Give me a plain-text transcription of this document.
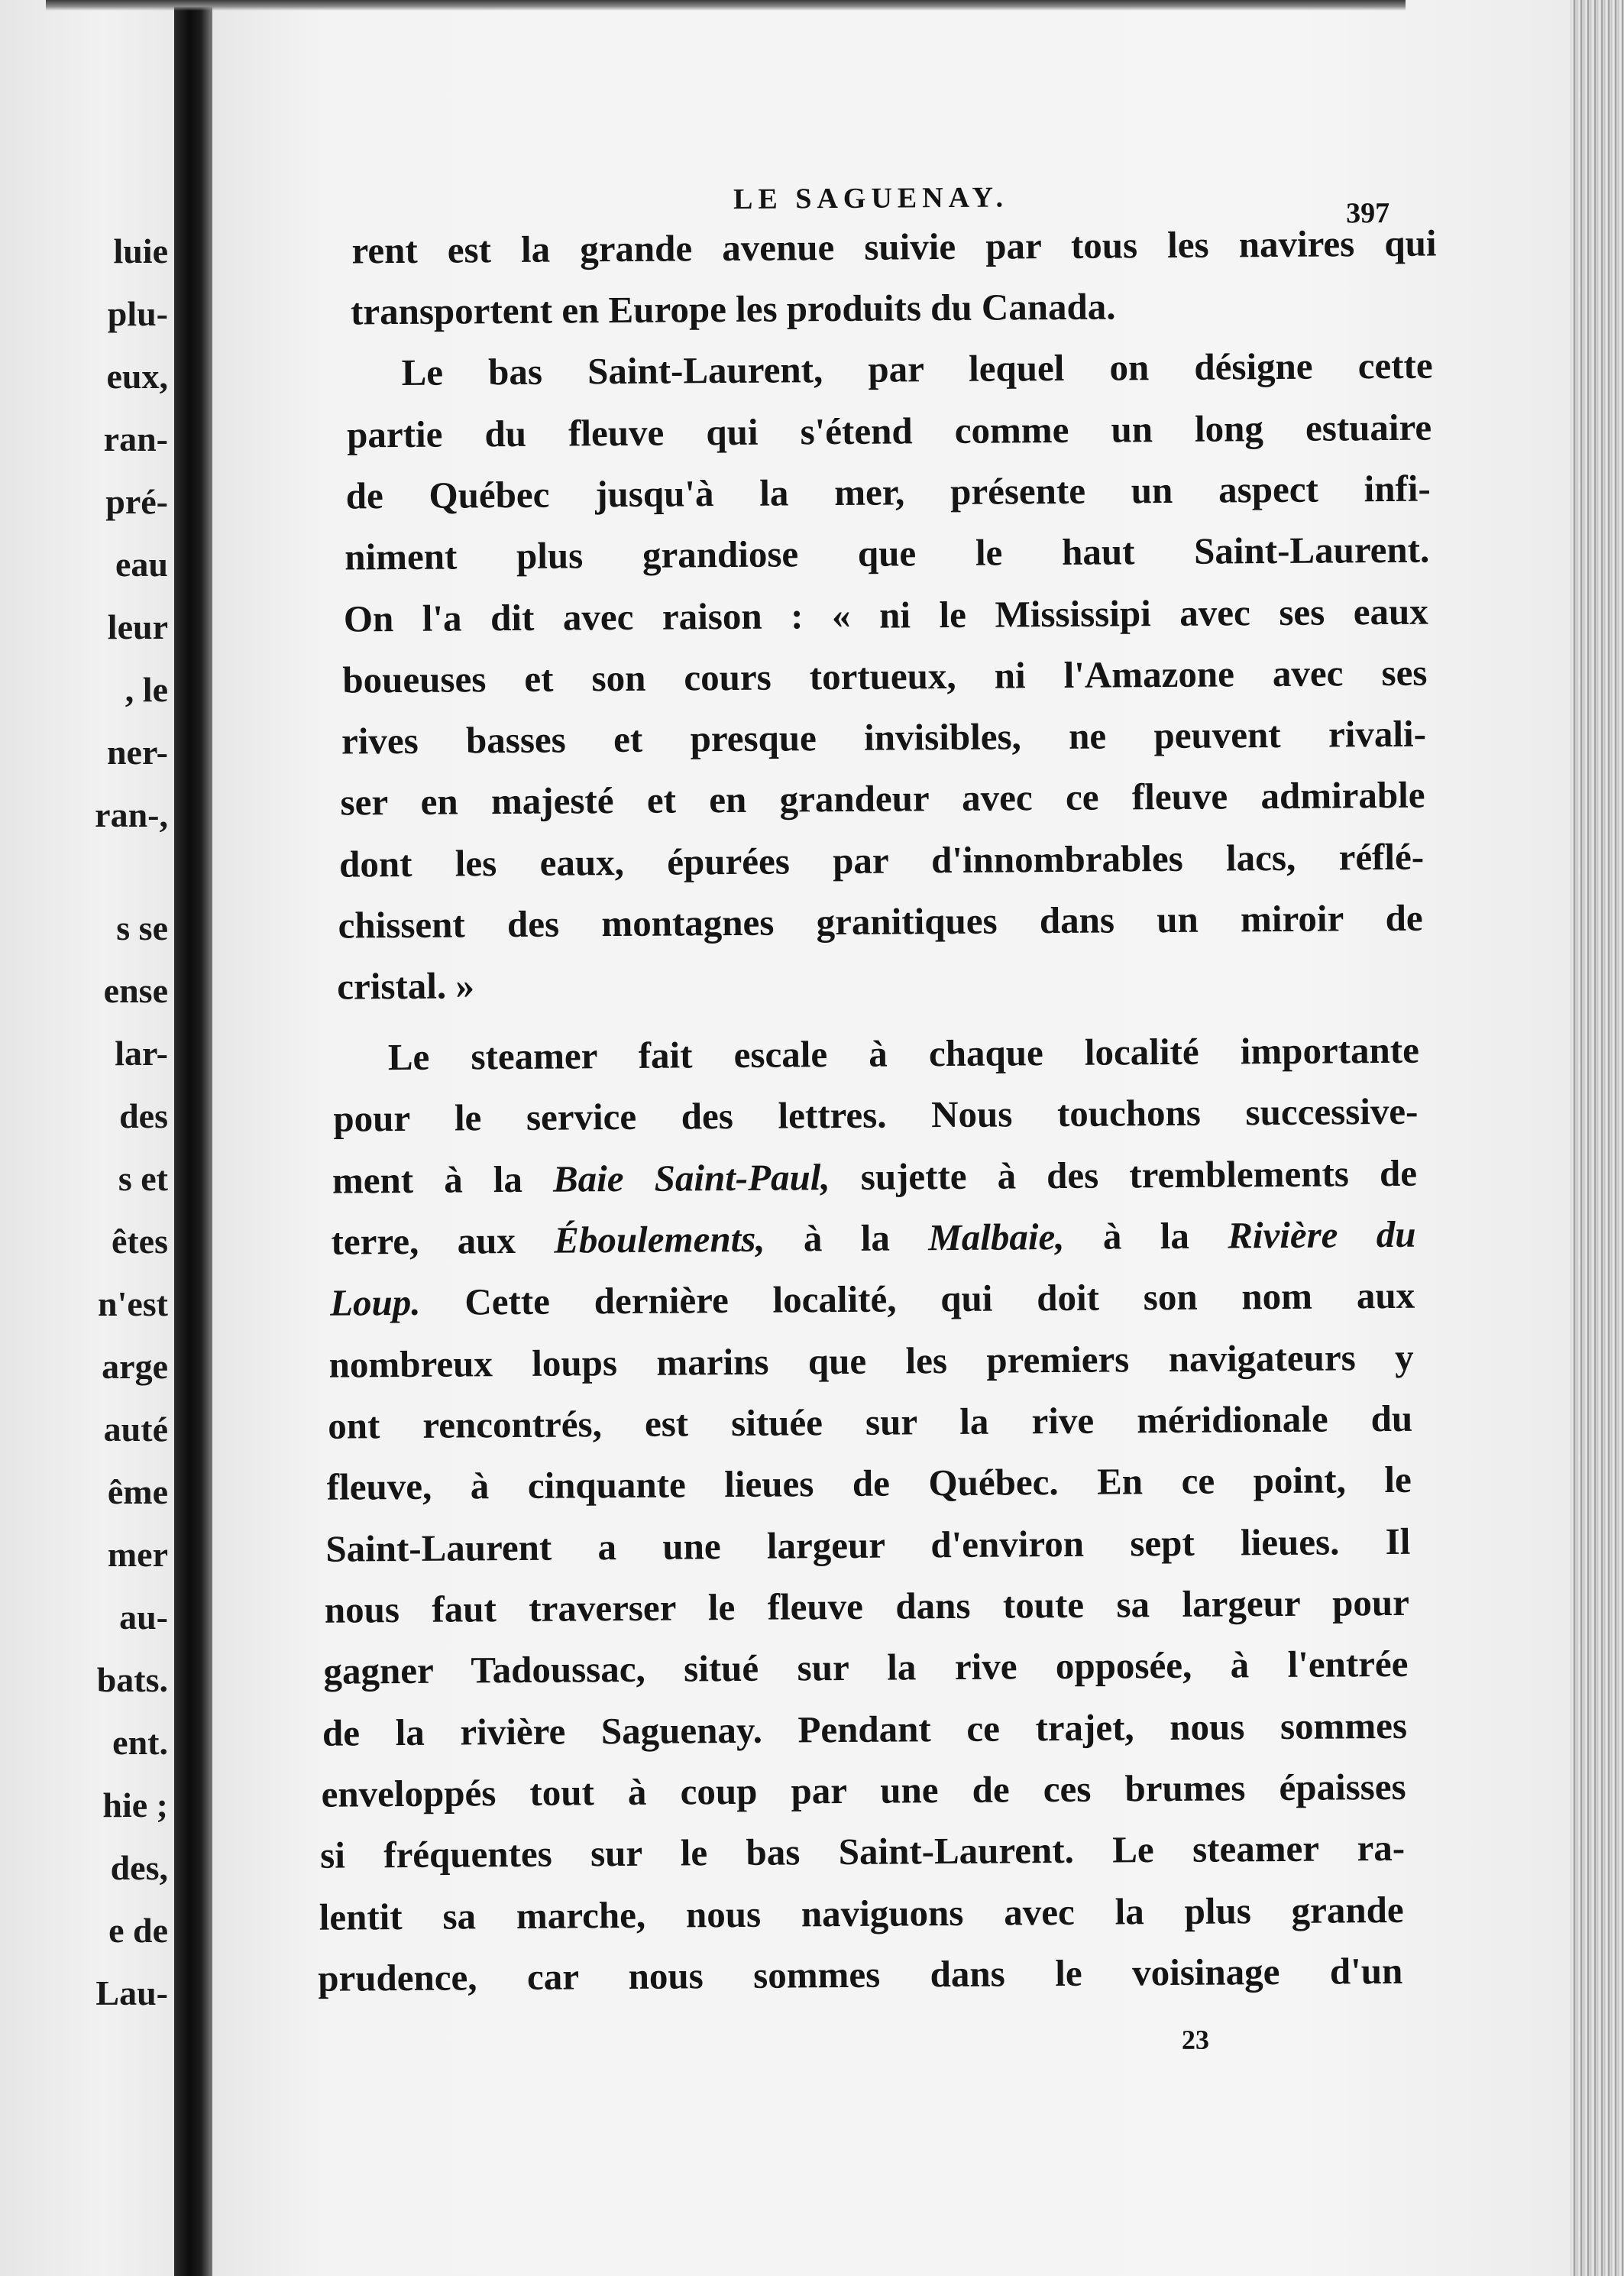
luie
plu-
eux,
ran-
pré-
eau
leur
, le
ner-
ran-,
s se
ense
lar-
des
s et
êtes
n'est
arge
auté
ême
mer
au-
bats.
ent.
hie ;
des,
e de
Lau-
LE SAGUENAY.	397
rent est la grande avenue suivie par tous les navires qui
transportent en Europe les produits du Canada.
Le bas Saint-Laurent, par lequel on désigne cette
partie du fleuve qui s'étend comme un long estuaire
de Québec jusqu'à la mer, présente un aspect infi-
niment plus grandiose que le haut Saint-Laurent.
On l'a dit avec raison : « ni le Mississipi avec ses eaux
boueuses et son cours tortueux, ni l'Amazone avec ses
rives basses et presque invisibles, ne peuvent rivali-
ser en majesté et en grandeur avec ce fleuve admirable
dont les eaux, épurées par d'innombrables lacs, réflé-
chissent des montagnes granitiques dans un miroir de
cristal. »
Le steamer fait escale à chaque localité importante
pour le service des lettres. Nous touchons successive-
ment à la Baie Saint-Paul, sujette à des tremblements de
terre, aux Éboulements, à la Malbaie, à la Rivière du
Loup. Cette dernière localité, qui doit son nom aux
nombreux loups marins que les premiers navigateurs y
ont rencontrés, est située sur la rive méridionale du
fleuve, à cinquante lieues de Québec. En ce point, le
Saint-Laurent a une largeur d'environ sept lieues. Il
nous faut traverser le fleuve dans toute sa largeur pour
gagner Tadoussac, situé sur la rive opposée, à l'entrée
de la rivière Saguenay. Pendant ce trajet, nous sommes
enveloppés tout à coup par une de ces brumes épaisses
si fréquentes sur le bas Saint-Laurent. Le steamer ra-
lentit sa marche, nous naviguons avec la plus grande
prudence, car nous sommes dans le voisinage d'un
23
